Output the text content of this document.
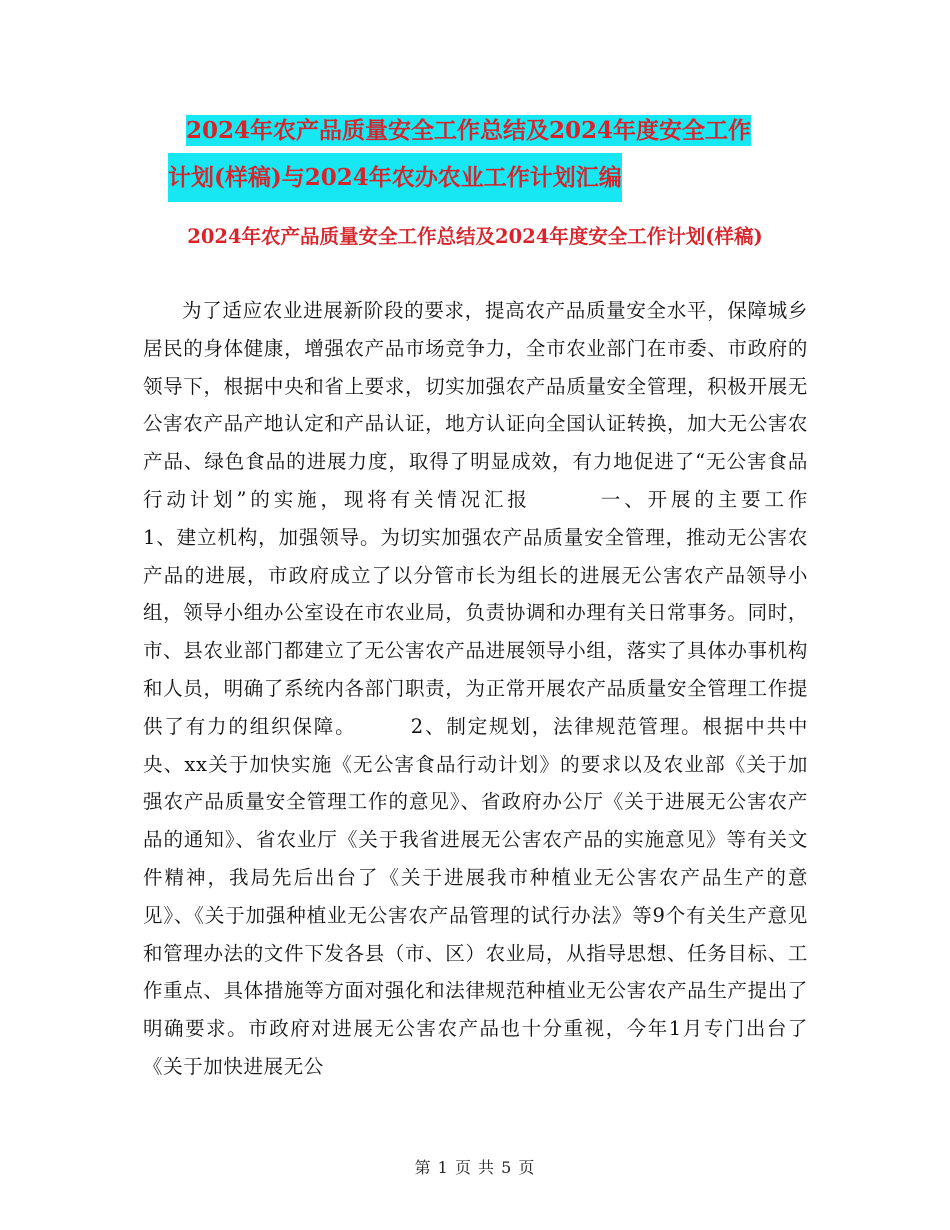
2024年农产品质量安全工作总结及2024年度安全工作
计划(样稿)与2024年农办农业工作计划汇编
2024年农产品质量安全工作总结及2024年度安全工作计划(样稿)

为了适应农业进展新阶段的要求，提高农产品质量安全水平，保障城乡居民的身体健康，增强农产品市场竞争力，全市农业部门在市委、市政府的领导下，根据中央和省上要求，切实加强农产品质量安全管理，积极开展无公害农产品产地认定和产品认证，地方认证向全国认证转换，加大无公害农产品、绿色食品的进展力度，取得了明显成效，有力地促进了“无公害食品行动计划”的实施，现将有关情况汇报　　　一、开展的主要工作　　　1、建立机构，加强领导。为切实加强农产品质量安全管理，推动无公害农产品的进展，市政府成立了以分管市长为组长的进展无公害农产品领导小组，领导小组办公室设在市农业局，负责协调和办理有关日常事务。同时，市、县农业部门都建立了无公害农产品进展领导小组，落实了具体办事机构和人员，明确了系统内各部门职责，为正常开展农产品质量安全管理工作提供了有力的组织保障。　　　2、制定规划，法律规范管理。根据中共中央、xx关于加快实施《无公害食品行动计划》的要求以及农业部《关于加强农产品质量安全管理工作的意见》、省政府办公厅《关于进展无公害农产品的通知》、省农业厅《关于我省进展无公害农产品的实施意见》等有关文件精神，我局先后出台了《关于进展我市种植业无公害农产品生产的意见》、《关于加强种植业无公害农产品管理的试行办法》等9个有关生产意见和管理办法的文件下发各县（市、区）农业局，从指导思想、任务目标、工作重点、具体措施等方面对强化和法律规范种植业无公害农产品生产提出了明确要求。市政府对进展无公害农产品也十分重视，今年1月专门出台了《关于加快进展无公

第 1 页 共 5 页
